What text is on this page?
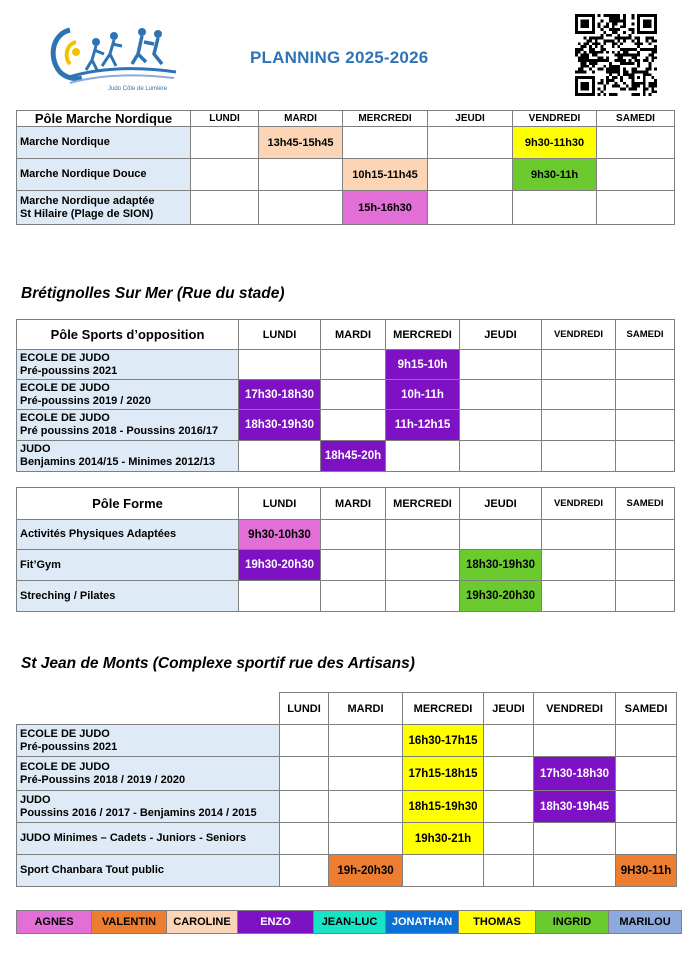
Judo Côte de Lumière
PLANNING 2025-2026
Pôle Marche Nordique	LUNDI	MARDI	MERCREDI	JEUDI	VENDREDI	SAMEDI

Marche Nordique		13h45-15h45			9h30-11h30	

Marche Nordique Douce			10h15-11h45		9h30-11h	

Marche Nordique adaptée
St Hilaire (Plage de SION)			15h-16h30			
Brétignolles Sur Mer (Rue du stade)
Pôle Sports d’opposition	LUNDI	MARDI	MERCREDI	JEUDI	VENDREDI	SAMEDI

ECOLE DE JUDO
Pré-poussins 2021			9h15-10h			

ECOLE DE JUDO
Pré-poussins 2019 / 2020	17h30-18h30		10h-11h			

ECOLE DE JUDO
Pré poussins 2018 - Poussins 2016/17	18h30-19h30		11h-12h15			

JUDO
Benjamins 2014/15 - Minimes 2012/13		18h45-20h				
Pôle Forme	LUNDI	MARDI	MERCREDI	JEUDI	VENDREDI	SAMEDI

Activités Physiques Adaptées	9h30-10h30					

Fit’Gym	19h30-20h30			18h30-19h30		

Streching / Pilates				19h30-20h30		
St Jean de Monts (Complexe sportif rue des Artisans)
	LUNDI	MARDI	MERCREDI	JEUDI	VENDREDI	SAMEDI

ECOLE DE JUDO
Pré-poussins 2021			16h30-17h15			

ECOLE DE JUDO
Pré-Poussins 2018 / 2019 / 2020			17h15-18h15		17h30-18h30	

JUDO
Poussins 2016 / 2017 - Benjamins 2014 / 2015			18h15-19h30		18h30-19h45	

JUDO Minimes – Cadets - Juniors - Seniors			19h30-21h			

Sport Chanbara Tout public		19h-20h30				9H30-11h
AGNES	VALENTIN	CAROLINE	ENZO	JEAN-LUC	JONATHAN	THOMAS	INGRID	MARILOU
